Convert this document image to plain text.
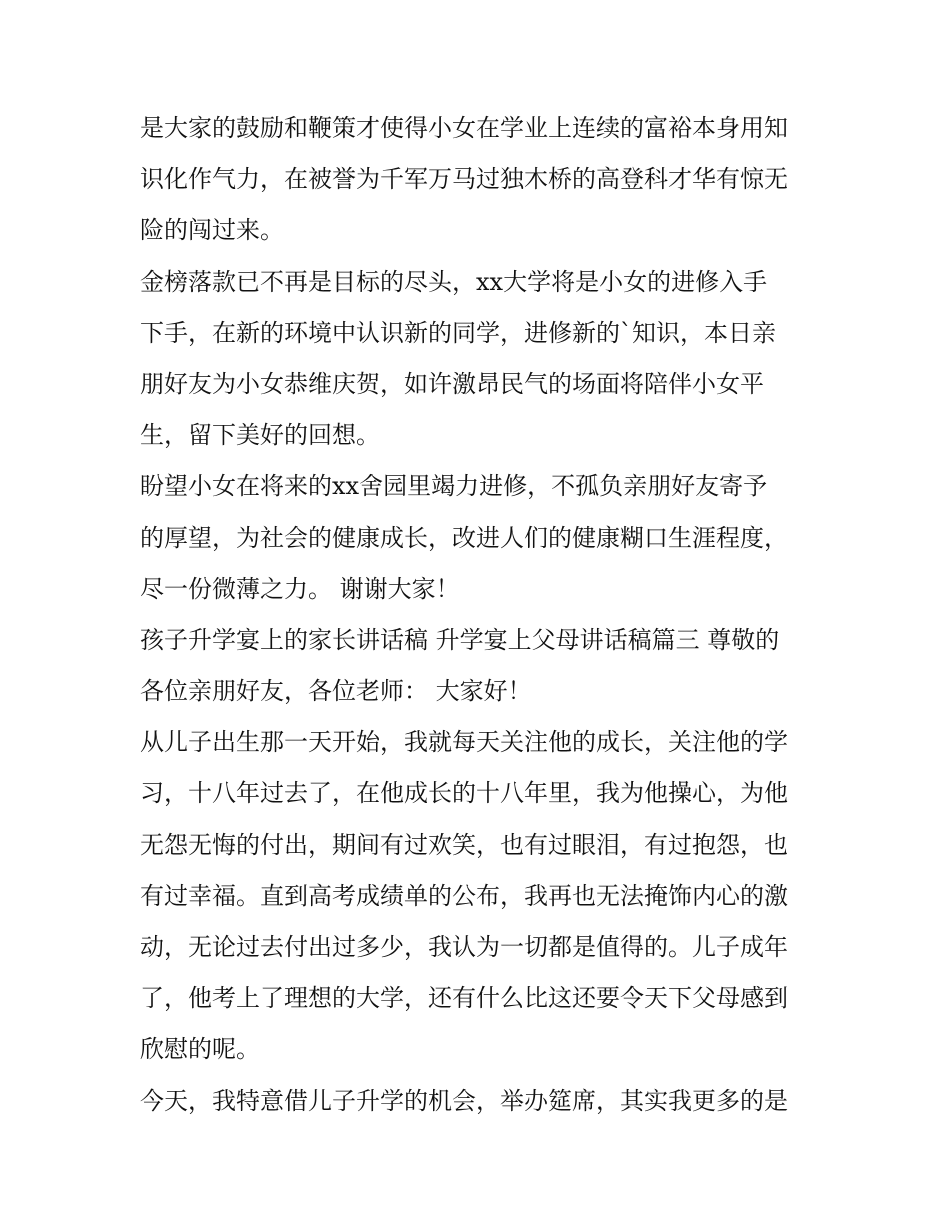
是大家的鼓励和鞭策才使得小女在学业上连续的富裕本身用知
识化作气力，在被誉为千军万马过独木桥的高登科才华有惊无
险的闯过来。
金榜落款已不再是目标的尽头，xx大学将是小女的进修入手
下手，在新的环境中认识新的同学，进修新的`知识，本日亲
朋好友为小女恭维庆贺，如许激昂民气的场面将陪伴小女平
生，留下美好的回想。
盼望小女在将来的xx舍园里竭力进修，不孤负亲朋好友寄予
的厚望，为社会的健康成长，改进人们的健康糊口生涯程度，
尽一份微薄之力。 谢谢大家！
孩子升学宴上的家长讲话稿 升学宴上父母讲话稿篇三 尊敬的
各位亲朋好友，各位老师： 大家好！
从儿子出生那一天开始，我就每天关注他的成长，关注他的学
习，十八年过去了，在他成长的十八年里，我为他操心，为他
无怨无悔的付出，期间有过欢笑，也有过眼泪，有过抱怨，也
有过幸福。直到高考成绩单的公布，我再也无法掩饰内心的激
动，无论过去付出过多少，我认为一切都是值得的。儿子成年
了，他考上了理想的大学，还有什么比这还要令天下父母感到
欣慰的呢。
今天，我特意借儿子升学的机会，举办筵席，其实我更多的是
